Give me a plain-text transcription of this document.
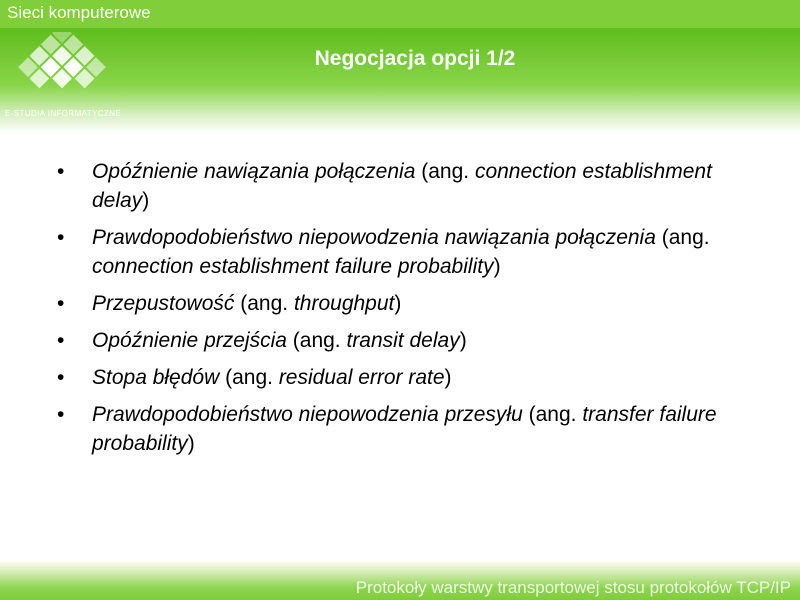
Sieci komputerowe
E-STUDIA INFORMATYCZNE
Negocjacja opcji 1/2
• Opóźnienie nawiązania połączenia (ang. connection establishment delay)
• Prawdopodobieństwo niepowodzenia nawiązania połączenia (ang. connection establishment failure probability)
• Przepustowość (ang. throughput)
• Opóźnienie przejścia (ang. transit delay)
• Stopa błędów (ang. residual error rate)
• Prawdopodobieństwo niepowodzenia przesyłu (ang. transfer failure probability)
Protokoły warstwy transportowej stosu protokołów TCP/IP
